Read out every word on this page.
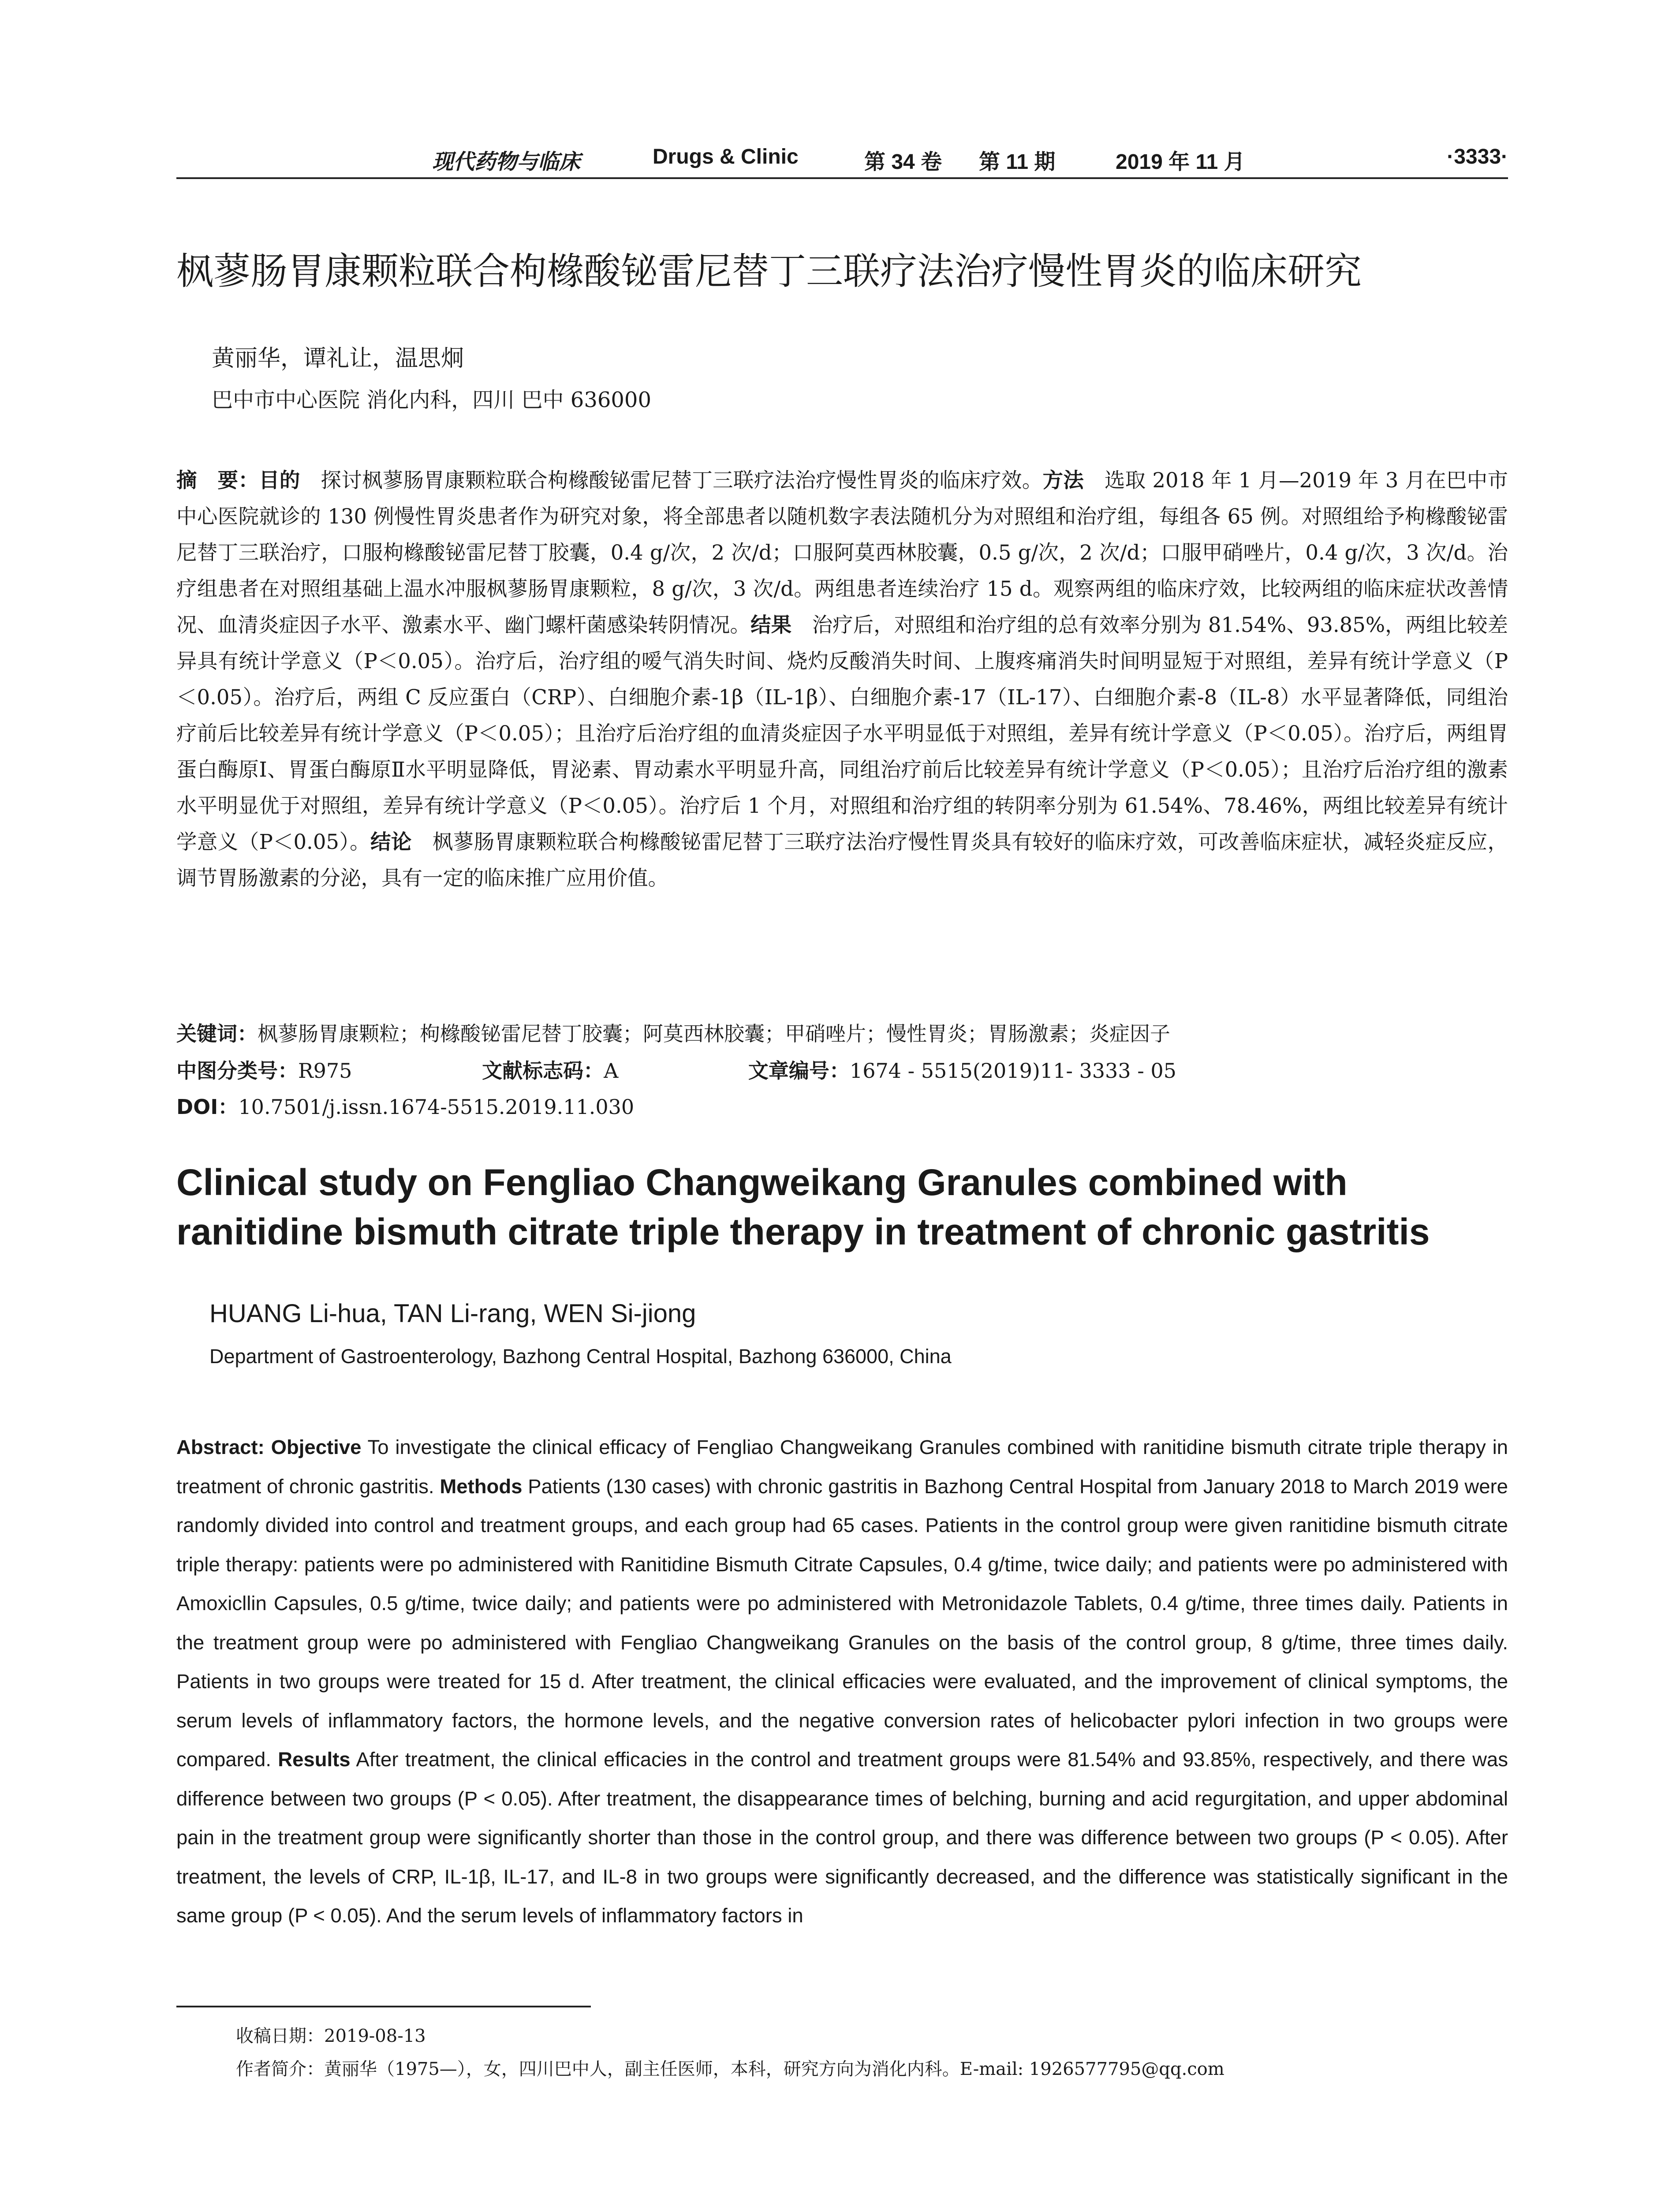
现代药物与临床	Drugs & Clinic	第 34 卷 第 11 期	2019 年 11 月	·3333·
枫蓼肠胃康颗粒联合枸橼酸铋雷尼替丁三联疗法治疗慢性胃炎的临床研究
黄丽华，谭礼让，温思炯
巴中市中心医院 消化内科，四川 巴中 636000

摘　要：目的　 探讨枫蓼肠胃康颗粒联合枸橼酸铋雷尼替丁三联疗法治疗慢性胃炎的临床疗效。方法　 选取 2018 年 1 月—2019 年 3 月在巴中市中心医院就诊的 130 例慢性胃炎患者作为研究对象，将全部患者以随机数字表法随机分为对照组和治疗组，每组各 65 例。对照组给予枸橼酸铋雷尼替丁三联治疗，口服枸橼酸铋雷尼替丁胶囊，0.4 g/次，2 次/d；口服阿莫西林胶囊，0.5 g/次，2 次/d；口服甲硝唑片，0.4 g/次，3 次/d。治疗组患者在对照组基础上温水冲服枫蓼肠胃康颗粒，8 g/次，3 次/d。两组患者连续治疗 15 d。观察两组的临床疗效，比较两组的临床症状改善情况、血清炎症因子水平、激素水平、幽门螺杆菌感染转阴情况。结果　 治疗后，对照组和治疗组的总有效率分别为 81.54%、93.85%，两组比较差异具有统计学意义（P＜0.05）。治疗后，治疗组的嗳气消失时间、烧灼反酸消失时间、上腹疼痛消失时间明显短于对照组，差异有统计学意义（P＜0.05）。治疗后，两组 C 反应蛋白（CRP）、白细胞介素-1β（IL-1β）、白细胞介素-17（IL-17）、白细胞介素-8（IL-8）水平显著降低，同组治疗前后比较差异有统计学意义（P＜0.05）；且治疗后治疗组的血清炎症因子水平明显低于对照组，差异有统计学意义（P＜0.05）。治疗后，两组胃蛋白酶原Ⅰ、胃蛋白酶原Ⅱ水平明显降低，胃泌素、胃动素水平明显升高，同组治疗前后比较差异有统计学意义（P＜0.05）；且治疗后治疗组的激素水平明显优于对照组，差异有统计学意义（P＜0.05）。治疗后 1 个月，对照组和治疗组的转阴率分别为 61.54%、78.46%，两组比较差异有统计学意义（P＜0.05）。结论　 枫蓼肠胃康颗粒联合枸橼酸铋雷尼替丁三联疗法治疗慢性胃炎具有较好的临床疗效，可改善临床症状，减轻炎症反应，调节胃肠激素的分泌，具有一定的临床推广应用价值。

关键词：枫蓼肠胃康颗粒；枸橼酸铋雷尼替丁胶囊；阿莫西林胶囊；甲硝唑片；慢性胃炎；胃肠激素；炎症因子
中图分类号：R975	文献标志码：A	文章编号：1674 - 5515(2019)11- 3333 - 05
DOI：10.7501/j.issn.1674-5515.2019.11.030
Clinical study on Fengliao Changweikang Granules combined with ranitidine bismuth citrate triple therapy in treatment of chronic gastritis
HUANG Li-hua, TAN Li-rang, WEN Si-jiong
Department of Gastroenterology, Bazhong Central Hospital, Bazhong 636000, China

Abstract: Objective To investigate the clinical efficacy of Fengliao Changweikang Granules combined with ranitidine bismuth citrate triple therapy in treatment of chronic gastritis. Methods Patients (130 cases) with chronic gastritis in Bazhong Central Hospital from January 2018 to March 2019 were randomly divided into control and treatment groups, and each group had 65 cases. Patients in the control group were given ranitidine bismuth citrate triple therapy: patients were po administered with Ranitidine Bismuth Citrate Capsules, 0.4 g/time, twice daily; and patients were po administered with Amoxicllin Capsules, 0.5 g/time, twice daily; and patients were po administered with Metronidazole Tablets, 0.4 g/time, three times daily. Patients in the treatment group were po administered with Fengliao Changweikang Granules on the basis of the control group, 8 g/time, three times daily. Patients in two groups were treated for 15 d. After treatment, the clinical efficacies were evaluated, and the improvement of clinical symptoms, the serum levels of inflammatory factors, the hormone levels, and the negative conversion rates of helicobacter pylori infection in two groups were compared. Results After treatment, the clinical efficacies in the control and treatment groups were 81.54% and 93.85%, respectively, and there was difference between two groups (P < 0.05). After treatment, the disappearance times of belching, burning and acid regurgitation, and upper abdominal pain in the treatment group were significantly shorter than those in the control group, and there was difference between two groups (P < 0.05). After treatment, the levels of CRP, IL-1β, IL-17, and IL-8 in two groups were significantly decreased, and the difference was statistically significant in the same group (P < 0.05). And the serum levels of inflammatory factors in

收稿日期：2019-08-13
作者简介：黄丽华（1975—），女，四川巴中人，副主任医师，本科，研究方向为消化内科。E-mail: 1926577795@qq.com
